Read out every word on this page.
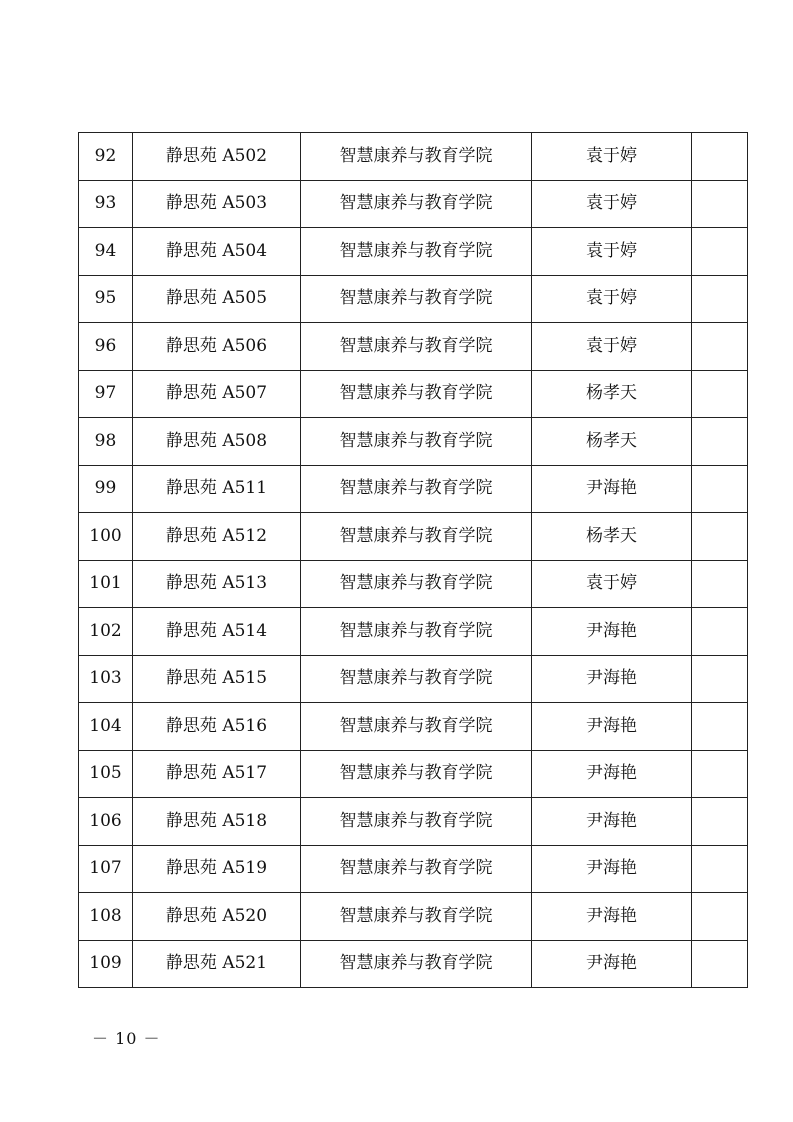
92	静思苑 A502	智慧康养与教育学院	袁于婷	
93	静思苑 A503	智慧康养与教育学院	袁于婷	
94	静思苑 A504	智慧康养与教育学院	袁于婷	
95	静思苑 A505	智慧康养与教育学院	袁于婷	
96	静思苑 A506	智慧康养与教育学院	袁于婷	
97	静思苑 A507	智慧康养与教育学院	杨孝天	
98	静思苑 A508	智慧康养与教育学院	杨孝天	
99	静思苑 A511	智慧康养与教育学院	尹海艳	
100	静思苑 A512	智慧康养与教育学院	杨孝天	
101	静思苑 A513	智慧康养与教育学院	袁于婷	
102	静思苑 A514	智慧康养与教育学院	尹海艳	
103	静思苑 A515	智慧康养与教育学院	尹海艳	
104	静思苑 A516	智慧康养与教育学院	尹海艳	
105	静思苑 A517	智慧康养与教育学院	尹海艳	
106	静思苑 A518	智慧康养与教育学院	尹海艳	
107	静思苑 A519	智慧康养与教育学院	尹海艳	
108	静思苑 A520	智慧康养与教育学院	尹海艳	
109	静思苑 A521	智慧康养与教育学院	尹海艳	
－ 10 －
